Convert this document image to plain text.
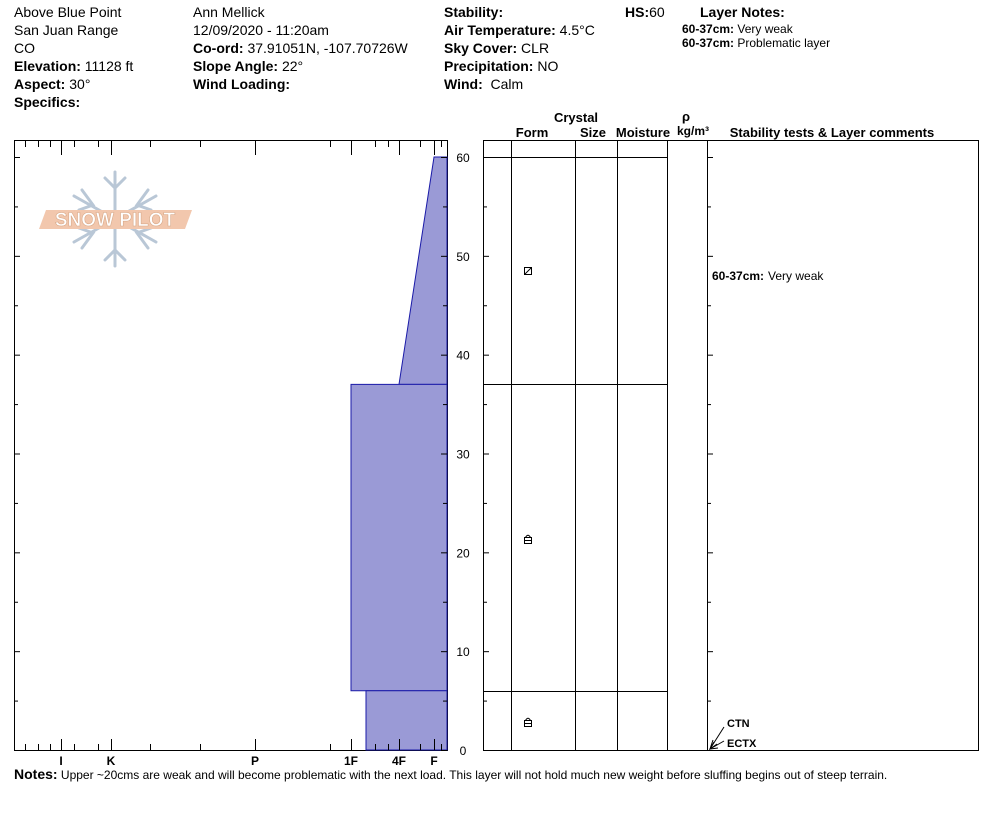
Above Blue Point
San Juan Range
CO
Elevation: 11128 ft
Aspect: 30°
Specifics:
Ann Mellick
12/09/2020 - 11:20am
Co-ord: 37.91051N, -107.70726W
Slope Angle: 22°
Wind Loading:
Stability:
Air Temperature: 4.5°C
Sky Cover: CLR
Precipitation: NO
Wind: Calm
HS:60	Layer Notes:
60-37cm: Very weak
60-37cm: Problematic layer
SNOW PILOT
0
10
20
30
40
50
60
I	K	P	1F	4F F
Crystal
Form Size Moisture
ρ
kg/m³ Stability tests & Layer comments
60-37cm: Very weak
CTN
ECTX
Notes: Upper ~20cms are weak and will become problematic with the next load. This layer will not hold much new weight before sluffing begins out of steep terrain.
